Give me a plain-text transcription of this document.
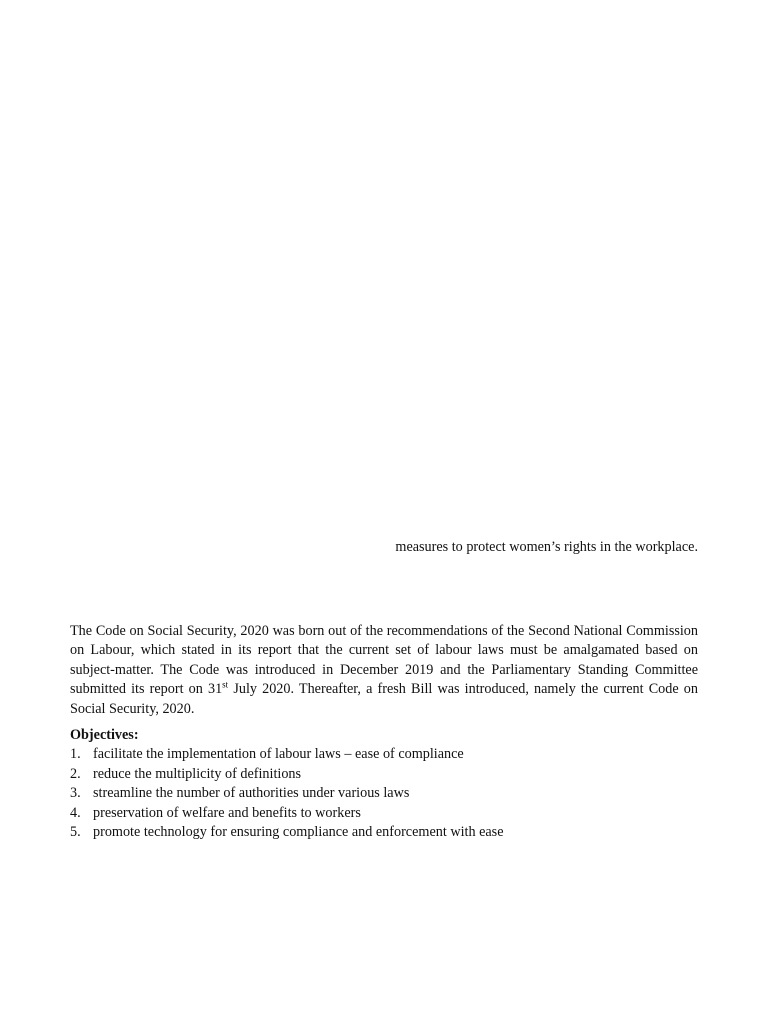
measures to protect women’s rights in the workplace.

The Code on Social Security, 2020 was born out of the recommendations of the Second National Commission on Labour, which stated in its report that the current set of labour laws must be amalgamated based on subject-matter. The Code was introduced in December 2019 and the Parliamentary Standing Committee submitted its report on 31st July 2020. Thereafter, a fresh Bill was introduced, namely the current Code on Social Security, 2020.

Objectives:

1. facilitate the implementation of labour laws – ease of compliance
2. reduce the multiplicity of definitions
3. streamline the number of authorities under various laws
4. preservation of welfare and benefits to workers
5. promote technology for ensuring compliance and enforcement with ease
